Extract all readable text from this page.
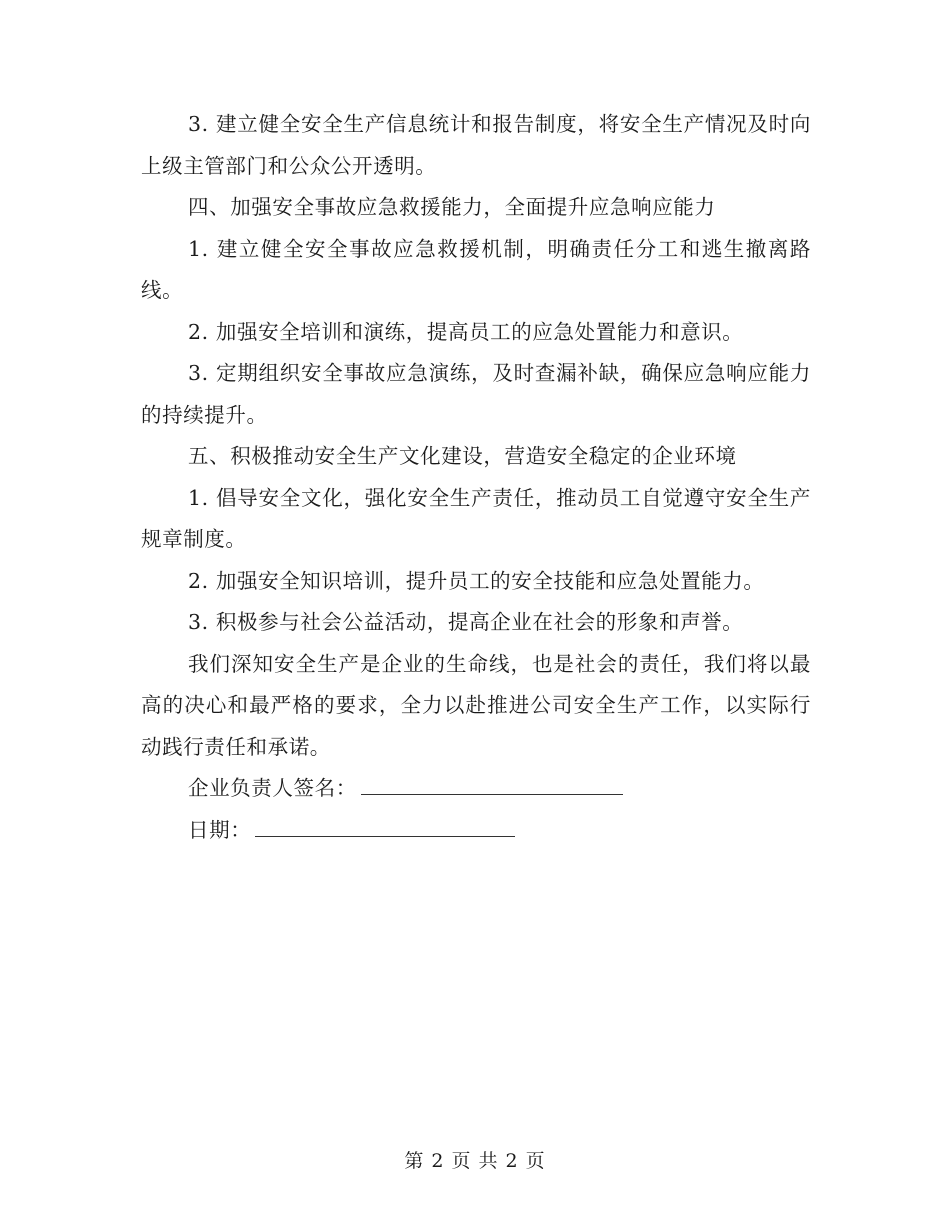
3. 建立健全安全生产信息统计和报告制度，将安全生产情况及时向上级主管部门和公众公开透明。

四、加强安全事故应急救援能力，全面提升应急响应能力

1. 建立健全安全事故应急救援机制，明确责任分工和逃生撤离路线。

2. 加强安全培训和演练，提高员工的应急处置能力和意识。

3. 定期组织安全事故应急演练，及时查漏补缺，确保应急响应能力的持续提升。

五、积极推动安全生产文化建设，营造安全稳定的企业环境

1. 倡导安全文化，强化安全生产责任，推动员工自觉遵守安全生产规章制度。

2. 加强安全知识培训，提升员工的安全技能和应急处置能力。

3. 积极参与社会公益活动，提高企业在社会的形象和声誉。

我们深知安全生产是企业的生命线，也是社会的责任，我们将以最高的决心和最严格的要求，全力以赴推进公司安全生产工作，以实际行动践行责任和承诺。

企业负责人签名：

日期：

第 2 页 共 2 页
